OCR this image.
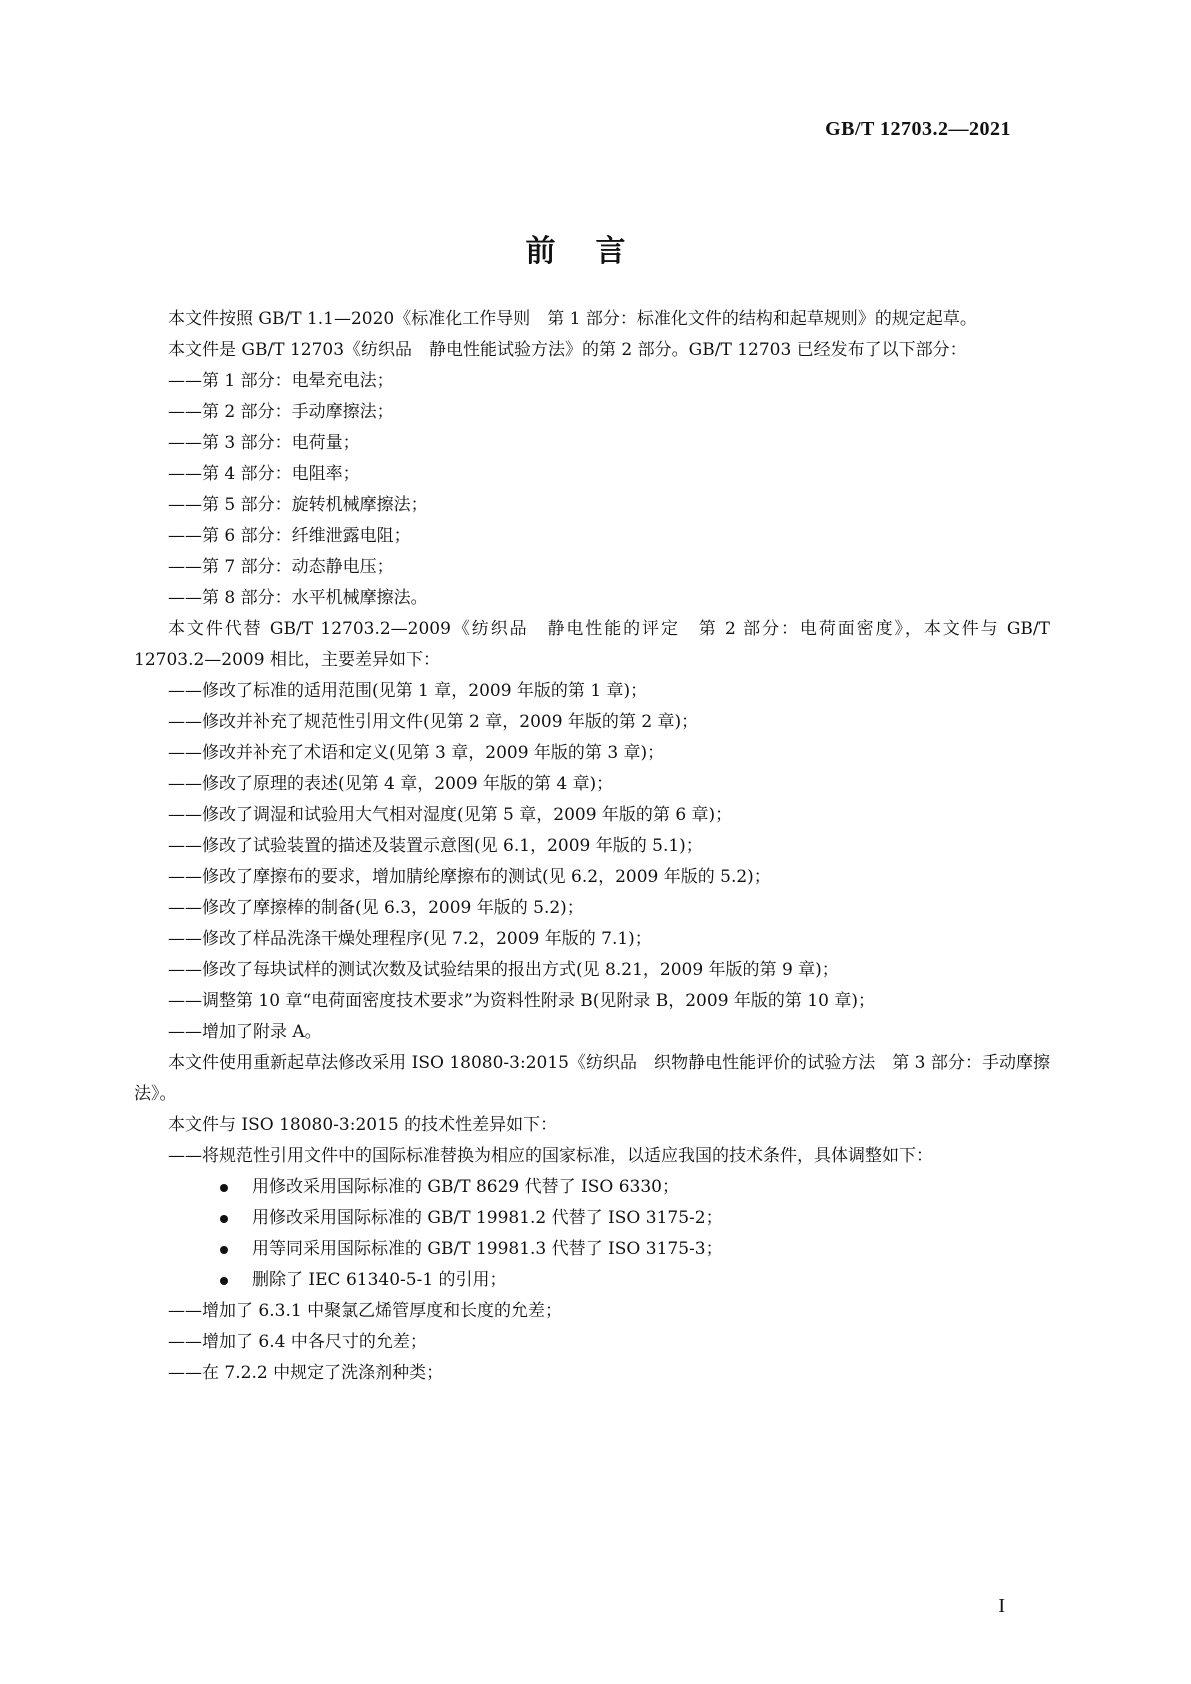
GB/T 12703.2—2021
前言

本文件按照 GB/T 1.1—2020《标准化工作导则　第 1 部分：标准化文件的结构和起草规则》的规定起草。

本文件是 GB/T 12703《纺织品　静电性能试验方法》的第 2 部分。GB/T 12703 已经发布了以下部分：

——第 1 部分：电晕充电法；

——第 2 部分：手动摩擦法；

——第 3 部分：电荷量；

——第 4 部分：电阻率；

——第 5 部分：旋转机械摩擦法；

——第 6 部分：纤维泄露电阻；

——第 7 部分：动态静电压；

——第 8 部分：水平机械摩擦法。

本文件代替 GB/T 12703.2—2009《纺织品　静电性能的评定　第 2 部分：电荷面密度》，本文件与 GB/T 12703.2—2009 相比，主要差异如下：

——修改了标准的适用范围(见第 1 章，2009 年版的第 1 章)；

——修改并补充了规范性引用文件(见第 2 章，2009 年版的第 2 章)；

——修改并补充了术语和定义(见第 3 章，2009 年版的第 3 章)；

——修改了原理的表述(见第 4 章，2009 年版的第 4 章)；

——修改了调湿和试验用大气相对湿度(见第 5 章，2009 年版的第 6 章)；

——修改了试验装置的描述及装置示意图(见 6.1，2009 年版的 5.1)；

——修改了摩擦布的要求，增加腈纶摩擦布的测试(见 6.2，2009 年版的 5.2)；

——修改了摩擦棒的制备(见 6.3，2009 年版的 5.2)；

——修改了样品洗涤干燥处理程序(见 7.2，2009 年版的 7.1)；

——修改了每块试样的测试次数及试验结果的报出方式(见 8.21，2009 年版的第 9 章)；

——调整第 10 章“电荷面密度技术要求”为资料性附录 B(见附录 B，2009 年版的第 10 章)；

——增加了附录 A。

本文件使用重新起草法修改采用 ISO 18080-3:2015《纺织品　织物静电性能评价的试验方法　第 3 部分：手动摩擦法》。

本文件与 ISO 18080-3:2015 的技术性差异如下：

——将规范性引用文件中的国际标准替换为相应的国家标准，以适应我国的技术条件，具体调整如下：

用修改采用国际标准的 GB/T 8629 代替了 ISO 6330；

用修改采用国际标准的 GB/T 19981.2 代替了 ISO 3175-2；

用等同采用国际标准的 GB/T 19981.3 代替了 ISO 3175-3；

删除了 IEC 61340-5-1 的引用；

——增加了 6.3.1 中聚氯乙烯管厚度和长度的允差；

——增加了 6.4 中各尺寸的允差；

——在 7.2.2 中规定了洗涤剂种类；

I
